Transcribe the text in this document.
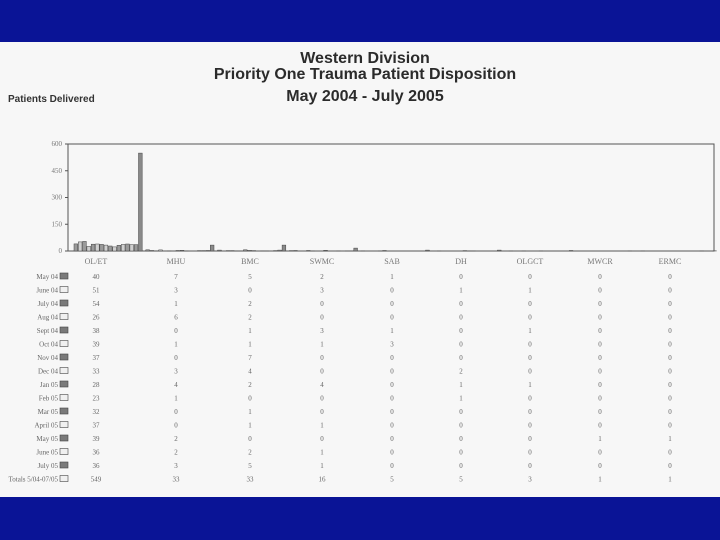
Western Division
Priority One Trauma Patient Disposition
May 2004 - July 2005
Patients Delivered
0
150
300
450
600
OL/ET	MHU	BMC	SWMC	SAB	DH	OLGCT	MWCR	ERMC
May 04	40	7	5	2	1	0	0	0	0
June 04	51	3	0	3	0	1	1	0	0
July 04	54	1	2	0	0	0	0	0	0
Aug 04	26	6	2	0	0	0	0	0	0
Sept 04	38	0	1	3	1	0	1	0	0
Oct 04	39	1	1	1	3	0	0	0	0
Nov 04	37	0	7	0	0	0	0	0	0
Dec 04	33	3	4	0	0	2	0	0	0
Jan 05	28	4	2	4	0	1	1	0	0
Feb 05	23	1	0	0	0	1	0	0	0
Mar 05	32	0	1	0	0	0	0	0	0
April 05	37	0	1	1	0	0	0	0	0
May 05	39	2	0	0	0	0	0	1	1
June 05	36	2	2	1	0	0	0	0	0
July 05	36	3	5	1	0	0	0	0	0
Totals 5/04-07/05	549	33	33	16	5	5	3	1	1
